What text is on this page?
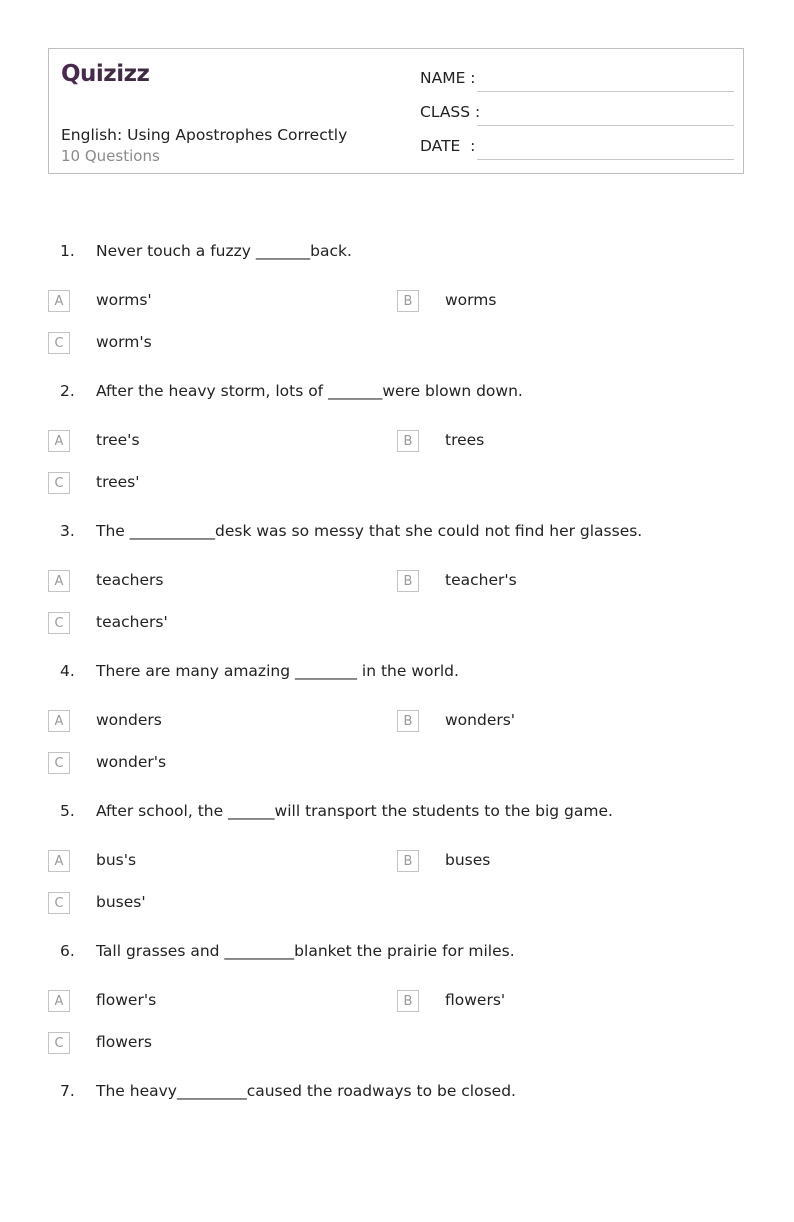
Quizizz
English: Using Apostrophes Correctly
10 Questions
NAME :
CLASS :
DATE  :
1. Never touch a fuzzy _______back.
A	worms'	B	worms
C	worm's
2. After the heavy storm, lots of _______were blown down.
A	tree's	B	trees
C	trees'
3. The ___________desk was so messy that she could not find her glasses.
A	teachers	B	teacher's
C	teachers'
4. There are many amazing ________ in the world.
A	wonders	B	wonders'
C	wonder's
5. After school, the ______will transport the students to the big game.
A	bus's	B	buses
C	buses'
6. Tall grasses and _________blanket the prairie for miles.
A	flower's	B	flowers'
C	flowers
7. The heavy_________caused the roadways to be closed.
